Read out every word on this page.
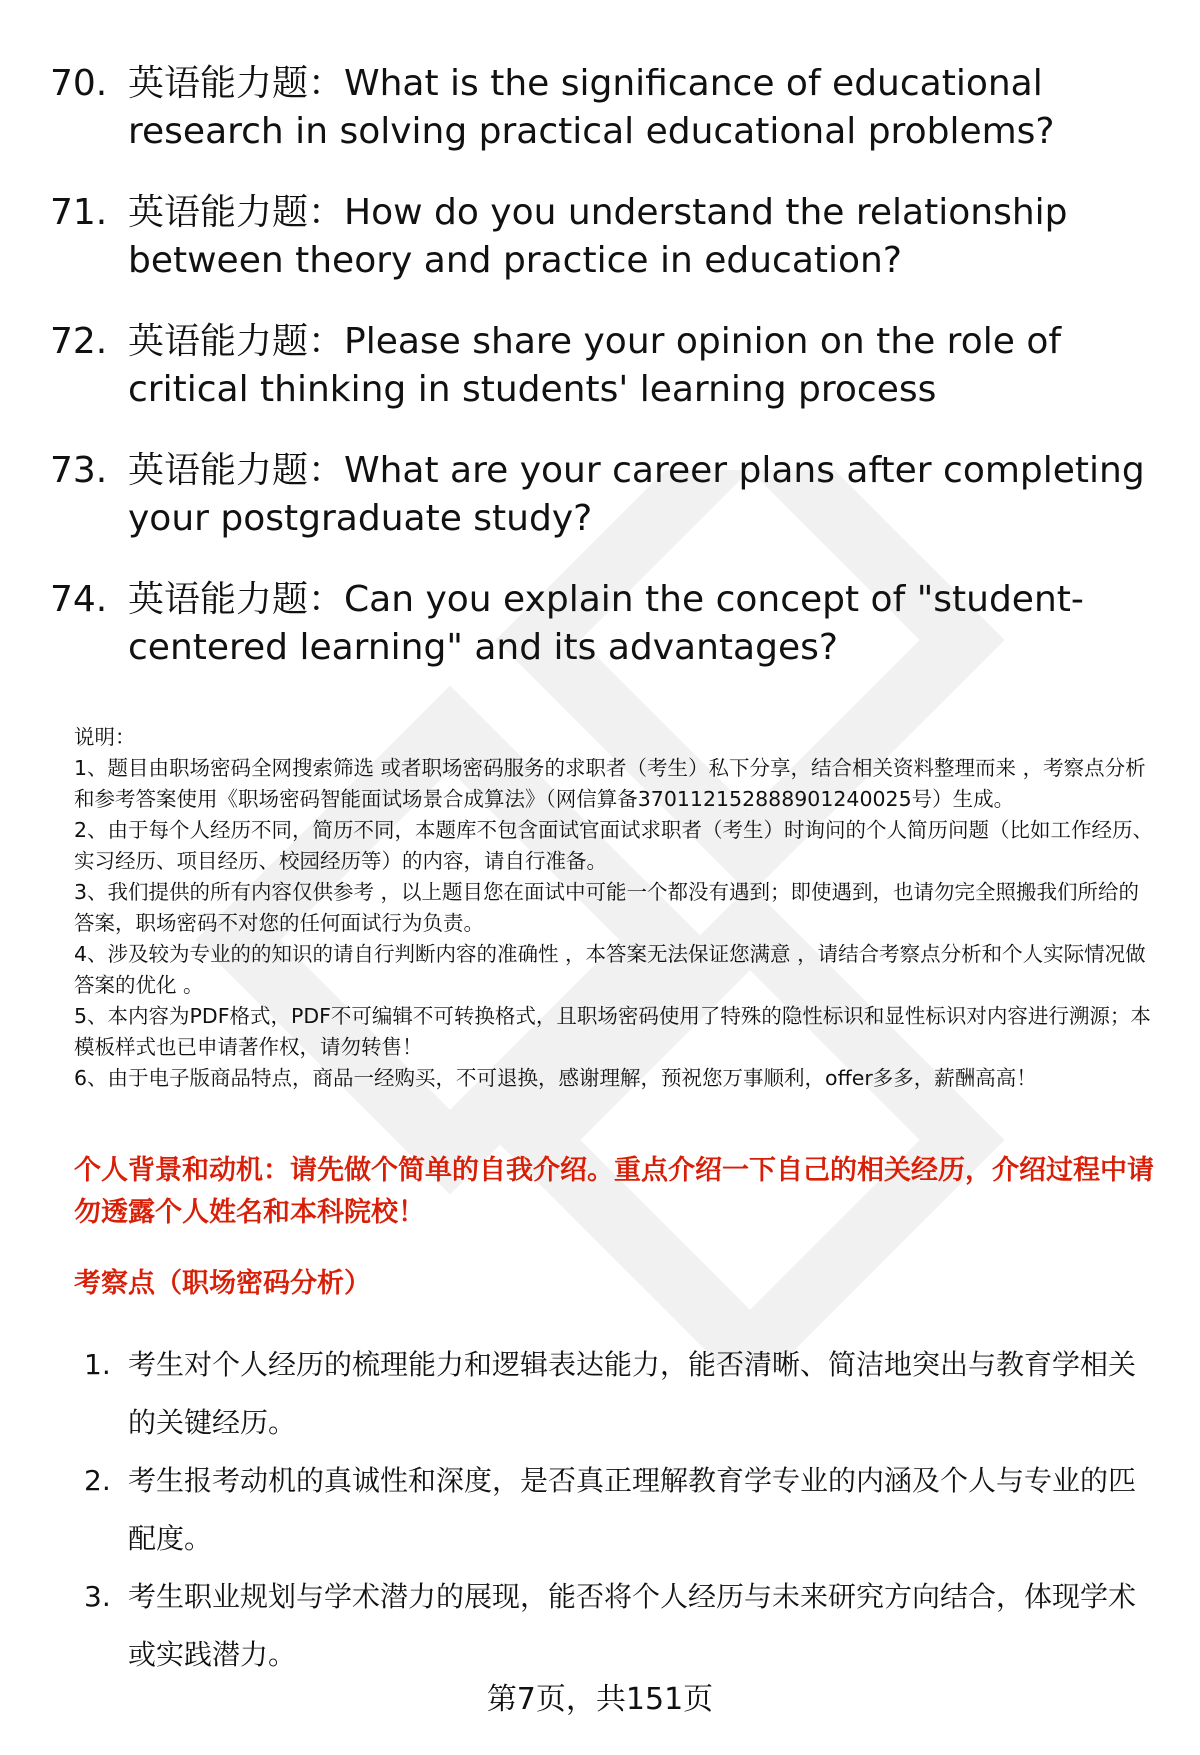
70. 英语能力题：What is the significance of educational research in solving practical educational problems?
71. 英语能力题：How do you understand the relationship between theory and practice in education?
72. 英语能力题：Please share your opinion on the role of critical thinking in students' learning process
73. 英语能力题：What are your career plans after completing your postgraduate study?
74. 英语能力题：Can you explain the concept of "student-centered learning" and its advantages?

说明：

1、题目由职场密码全网搜索筛选 或者职场密码服务的求职者（考生）私下分享，结合相关资料整理而来 ，考察点分析和参考答案使用《职场密码智能面试场景合成算法》（网信算备370112152888901240025号）生成。

2、由于每个人经历不同，简历不同，本题库不包含面试官面试求职者（考生）时询问的个人简历问题（比如工作经历、实习经历、项目经历、校园经历等）的内容，请自行准备。

3、我们提供的所有内容仅供参考 ，以上题目您在面试中可能一个都没有遇到；即使遇到，也请勿完全照搬我们所给的答案，职场密码不对您的任何面试行为负责。

4、涉及较为专业的的知识的请自行判断内容的准确性 ，本答案无法保证您满意 ，请结合考察点分析和个人实际情况做答案的优化 。

5、本内容为PDF格式，PDF不可编辑不可转换格式，且职场密码使用了特殊的隐性标识和显性标识对内容进行溯源；本模板样式也已申请著作权，请勿转售！

6、由于电子版商品特点，商品一经购买，不可退换，感谢理解，预祝您万事顺利，offer多多，薪酬高高！

个人背景和动机：请先做个简单的自我介绍。重点介绍一下自己的相关经历，介绍过程中请勿透露个人姓名和本科院校！
考察点（职场密码分析）
1. 考生对个人经历的梳理能力和逻辑表达能力，能否清晰、简洁地突出与教育学相关的关键经历。
2. 考生报考动机的真诚性和深度，是否真正理解教育学专业的内涵及个人与专业的匹配度。
3. 考生职业规划与学术潜力的展现，能否将个人经历与未来研究方向结合，体现学术或实践潜力。
第7页，共151页
